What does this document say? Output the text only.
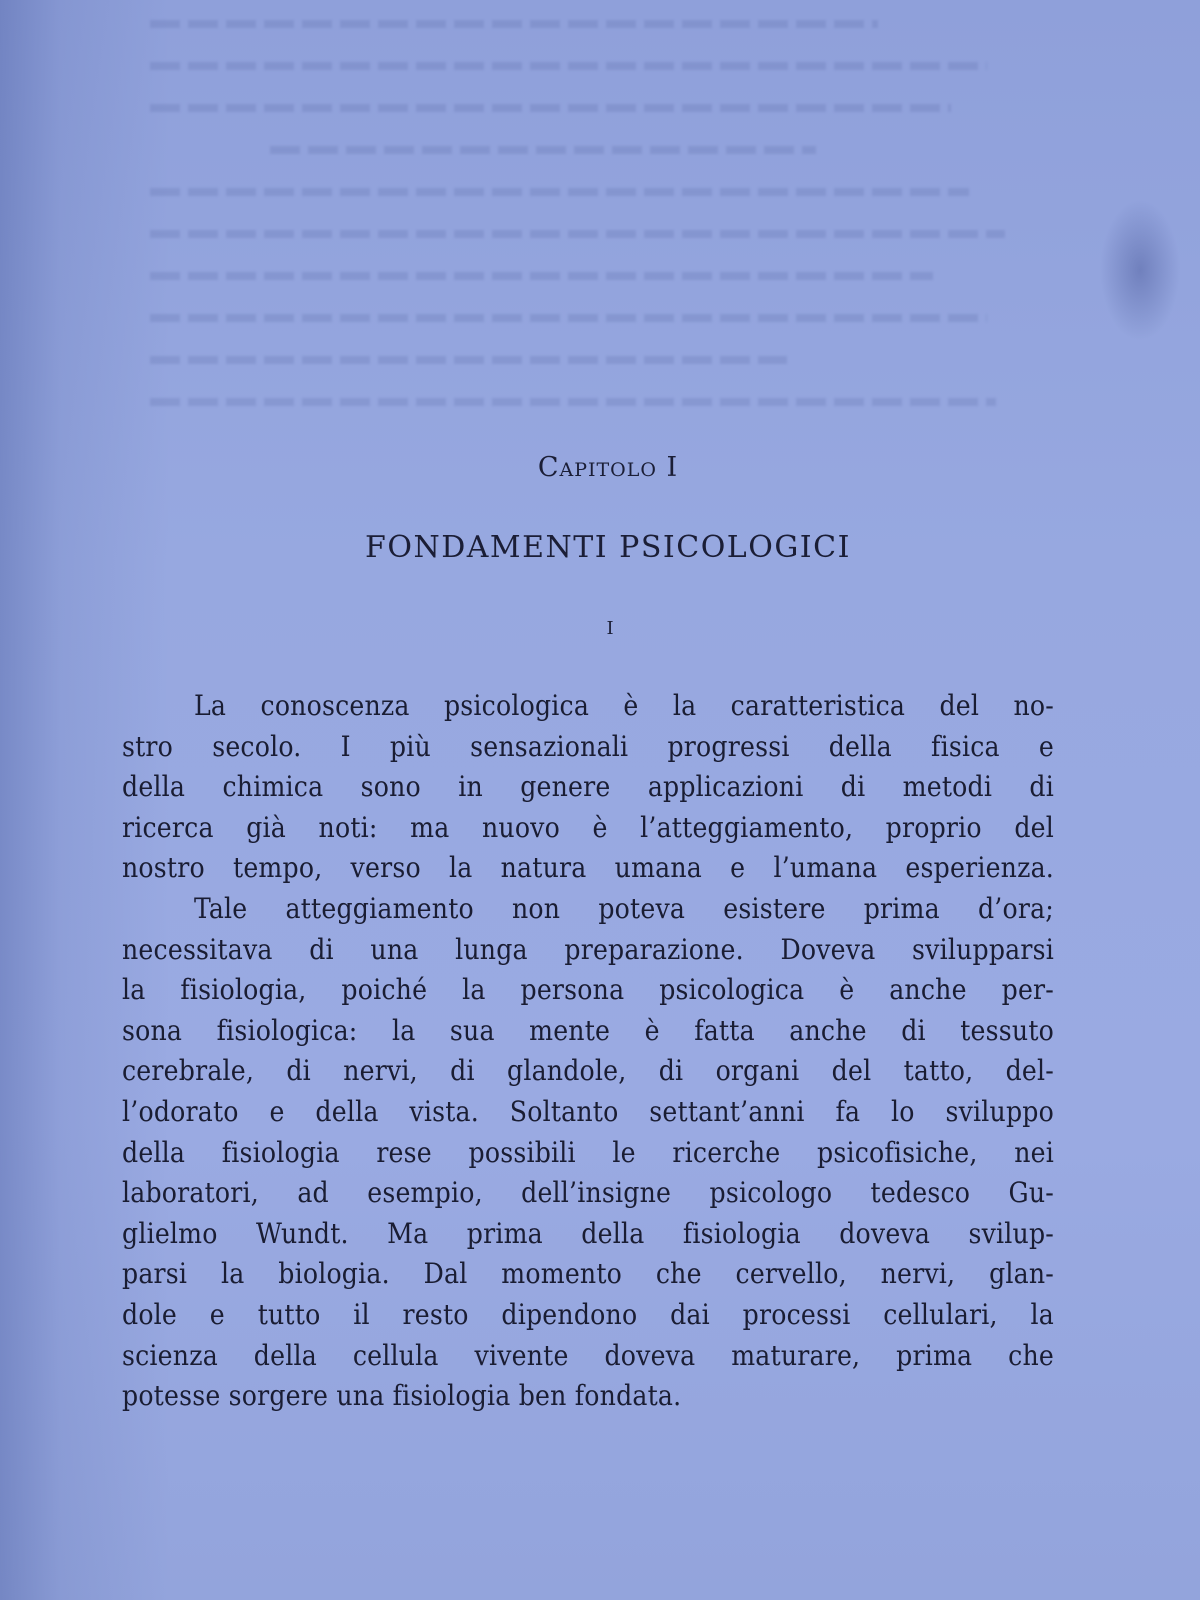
Capitolo I
FONDAMENTI PSICOLOGICI
I
La conoscenza psicologica è la caratteristica del no-
stro secolo. I più sensazionali progressi della fisica e
della chimica sono in genere applicazioni di metodi di
ricerca già noti: ma nuovo è l’atteggiamento, proprio del
nostro tempo, verso la natura umana e l’umana esperienza.
Tale atteggiamento non poteva esistere prima d’ora;
necessitava di una lunga preparazione. Doveva svilupparsi
la fisiologia, poiché la persona psicologica è anche per-
sona fisiologica: la sua mente è fatta anche di tessuto
cerebrale, di nervi, di glandole, di organi del tatto, del-
l’odorato e della vista. Soltanto settant’anni fa lo sviluppo
della fisiologia rese possibili le ricerche psicofisiche, nei
laboratori, ad esempio, dell’insigne psicologo tedesco Gu-
glielmo Wundt. Ma prima della fisiologia doveva svilup-
parsi la biologia. Dal momento che cervello, nervi, glan-
dole e tutto il resto dipendono dai processi cellulari, la
scienza della cellula vivente doveva maturare, prima che
potesse sorgere una fisiologia ben fondata.
